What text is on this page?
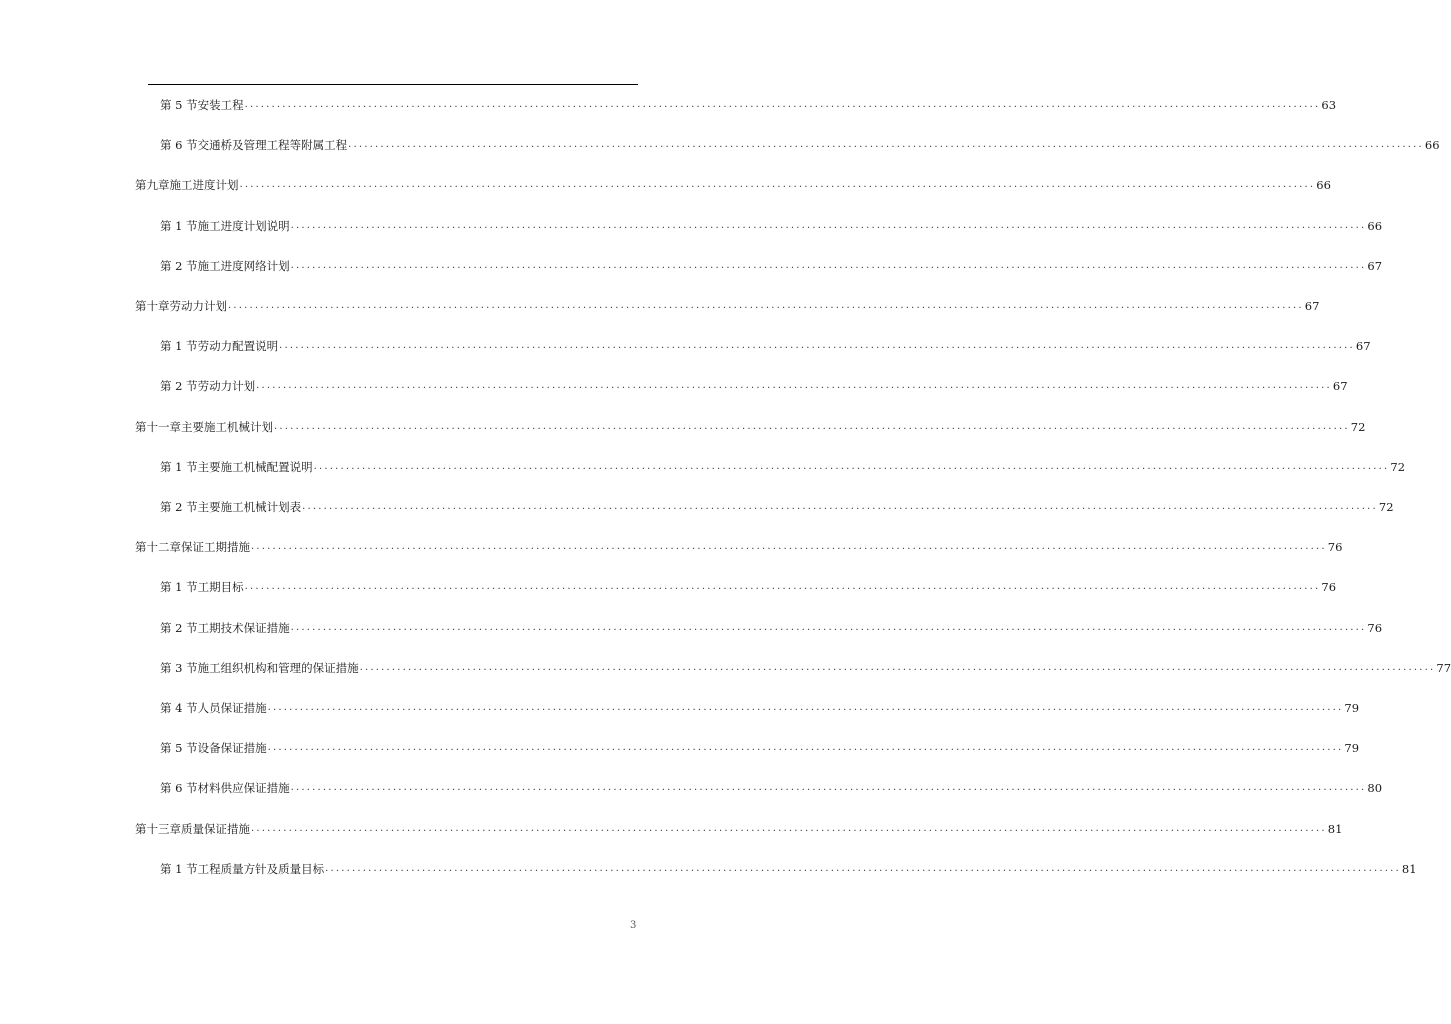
第 5 节 安装工程 ........................................................................................................................................................................................................ 63
第 6 节 交通桥及管理工程等附属工程 ........................................................................................................................................................................................................ 66
第九章 施工进度计划 ........................................................................................................................................................................................................ 66
第 1 节 施工进度计划说明 ........................................................................................................................................................................................................ 66
第 2 节 施工进度网络计划 ........................................................................................................................................................................................................ 67
第十章 劳动力计划 ........................................................................................................................................................................................................ 67
第 1 节 劳动力配置说明 ........................................................................................................................................................................................................ 67
第 2 节 劳动力计划 ........................................................................................................................................................................................................ 67
第十一章 主要施工机械计划 ........................................................................................................................................................................................................ 72
第 1 节 主要施工机械配置说明 ........................................................................................................................................................................................................ 72
第 2 节 主要施工机械计划表 ........................................................................................................................................................................................................ 72
第十二章 保证工期措施 ........................................................................................................................................................................................................ 76
第 1 节 工期目标 ........................................................................................................................................................................................................ 76
第 2 节 工期技术保证措施 ........................................................................................................................................................................................................ 76
第 3 节 施工组织机构和管理的保证措施 ........................................................................................................................................................................................................ 77
第 4 节 人员保证措施 ........................................................................................................................................................................................................ 79
第 5 节 设备保证措施 ........................................................................................................................................................................................................ 79
第 6 节 材料供应保证措施 ........................................................................................................................................................................................................ 80
第十三章 质量保证措施 ........................................................................................................................................................................................................ 81
第 1 节 工程质量方针及质量目标 ........................................................................................................................................................................................................ 81
3
